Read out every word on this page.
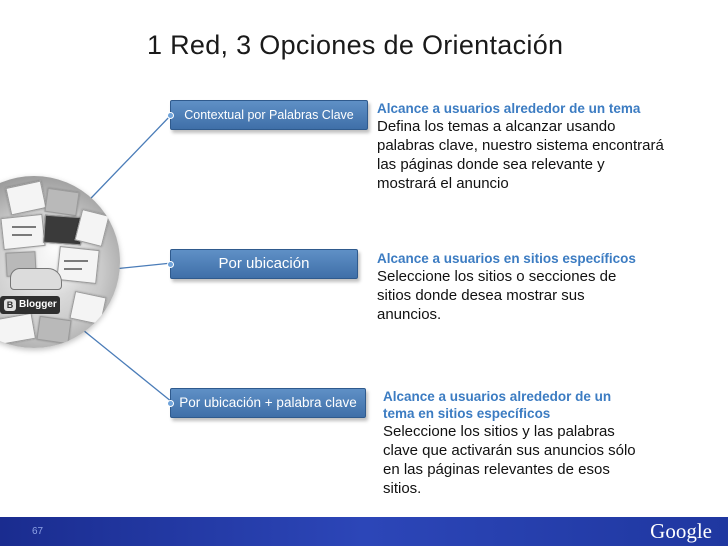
1 Red, 3 Opciones de Orientación
B Blogger
Contextual por Palabras Clave	Alcance a usuarios alrededor de un tema
Defina los temas a alcanzar usando palabras clave, nuestro sistema encontrará las páginas donde sea relevante y mostrará el anuncio
Por ubicación	Alcance a usuarios en sitios específicos
Seleccione los sitios o secciones de sitios donde desea mostrar sus anuncios.
Por ubicación + palabra clave	Alcance a usuarios alrededor de un tema en sitios específicos
Seleccione los sitios y las palabras clave que activarán sus anuncios sólo en las páginas relevantes de esos sitios.
67	Google
